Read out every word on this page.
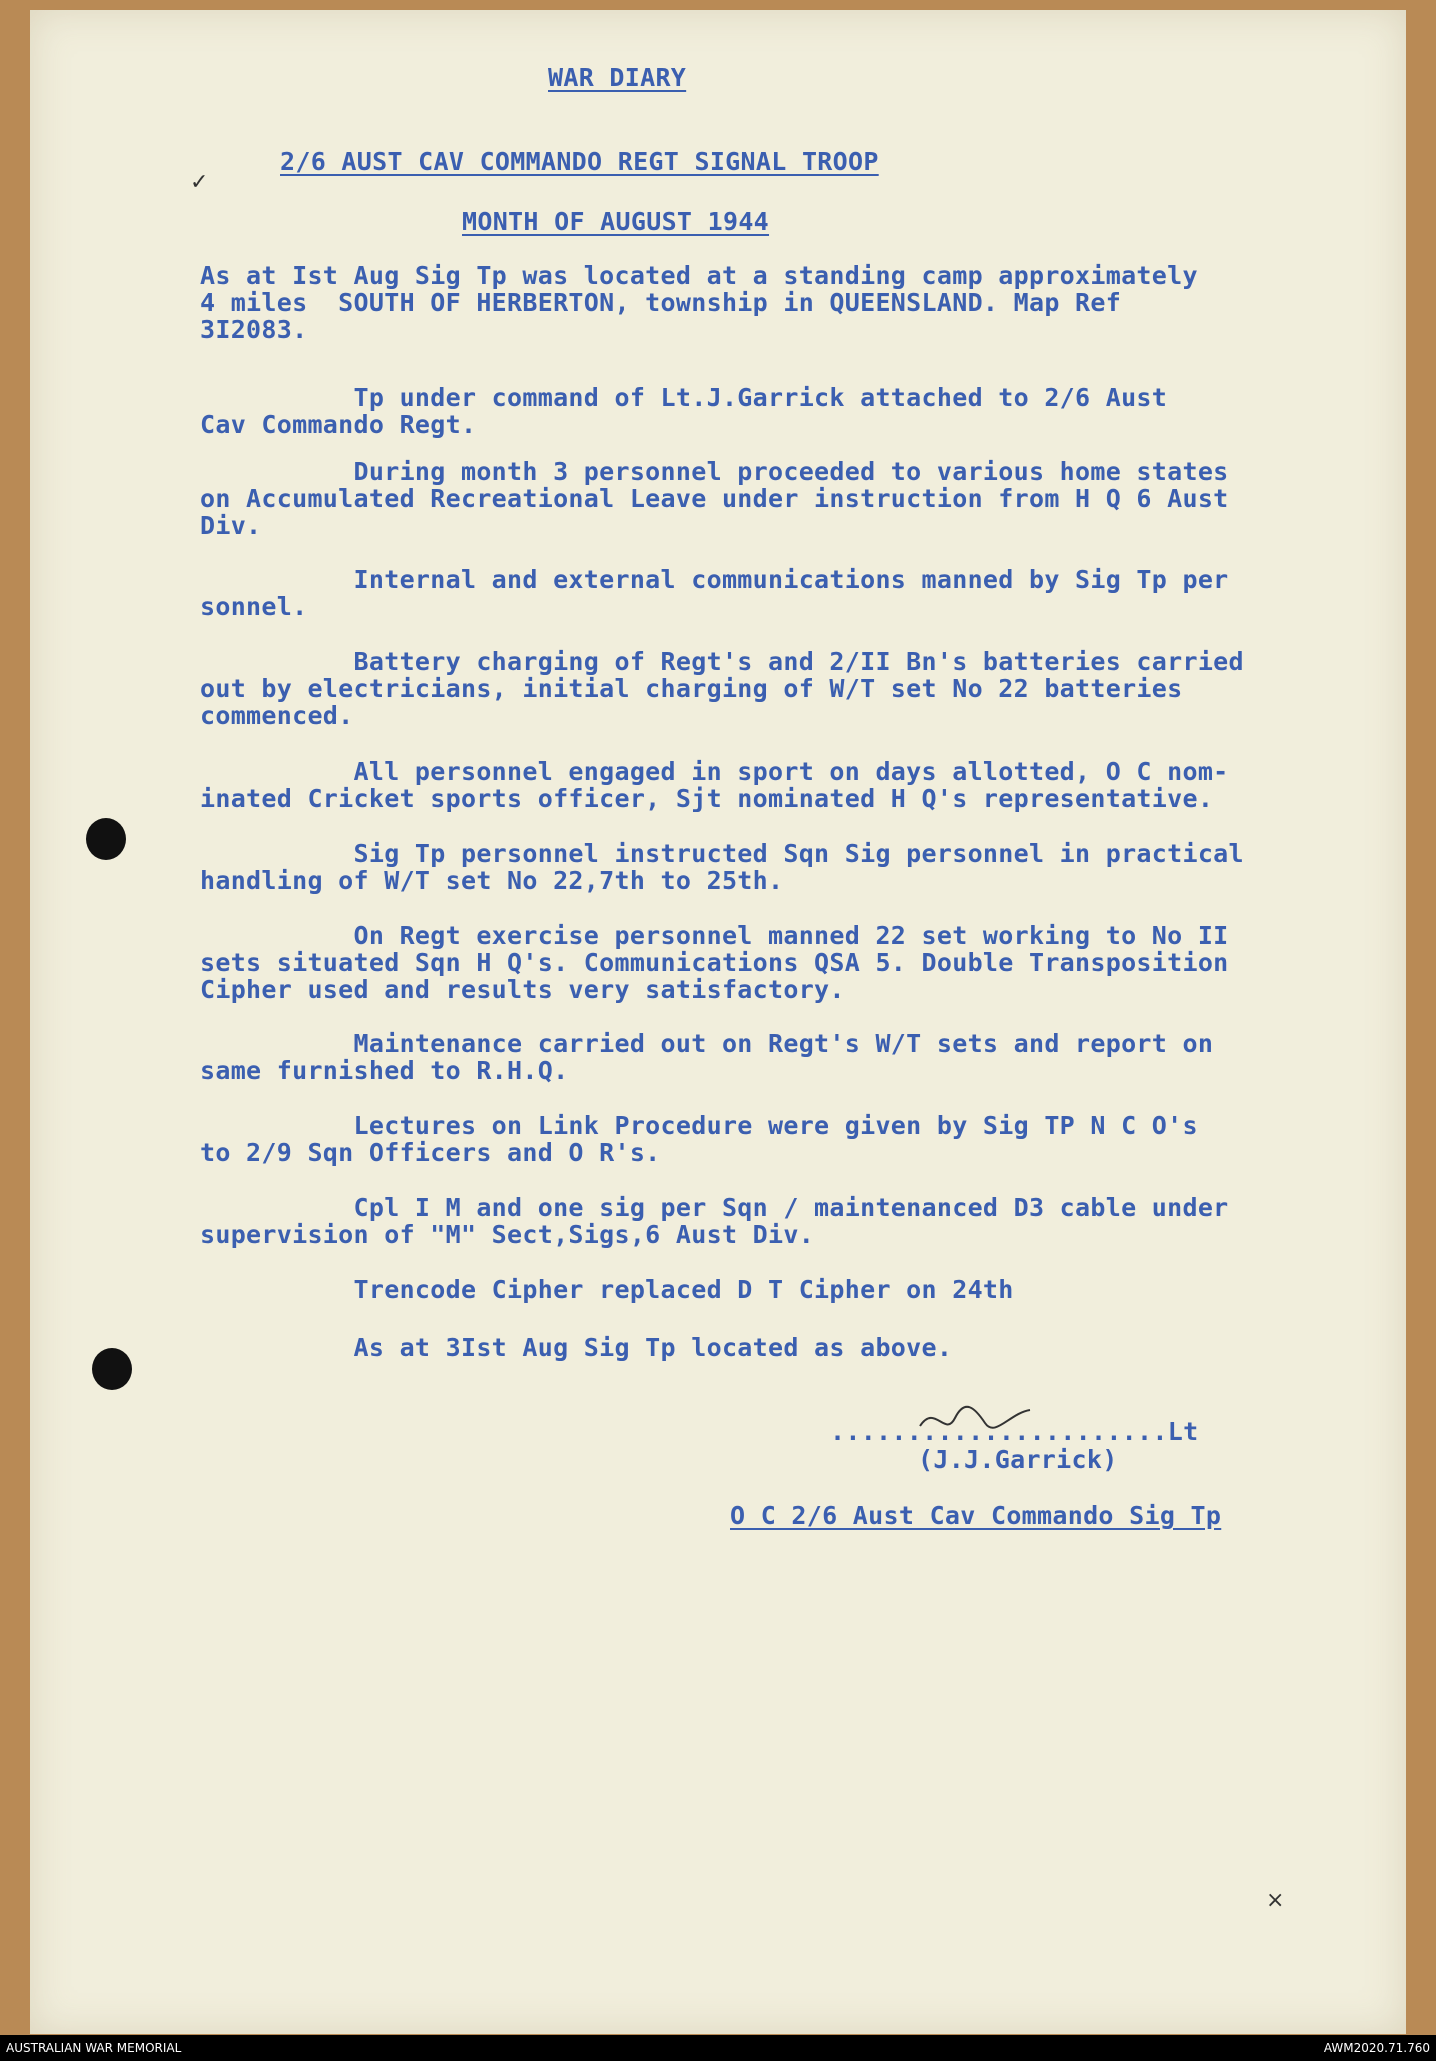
✓
×
WAR DIARY
2/6 AUST CAV COMMANDO REGT SIGNAL TROOP
MONTH OF AUGUST 1944
As at Ist Aug Sig Tp was located at a standing camp approximately
4 miles  SOUTH OF HERBERTON, township in QUEENSLAND. Map Ref
3I2083.
Tp under command of Lt.J.Garrick attached to 2/6 Aust
Cav Commando Regt.
During month 3 personnel proceeded to various home states
on Accumulated Recreational Leave under instruction from H Q 6 Aust
Div.
Internal and external communications manned by Sig Tp per
sonnel.
Battery charging of Regt's and 2/II Bn's batteries carried
out by electricians, initial charging of W/T set No 22 batteries
commenced.
All personnel engaged in sport on days allotted, O C nom-
inated Cricket sports officer, Sjt nominated H Q's representative.
Sig Tp personnel instructed Sqn Sig personnel in practical
handling of W/T set No 22,7th to 25th.
On Regt exercise personnel manned 22 set working to No II
sets situated Sqn H Q's. Communications QSA 5. Double Transposition
Cipher used and results very satisfactory.
Maintenance carried out on Regt's W/T sets and report on
same furnished to R.H.Q.
Lectures on Link Procedure were given by Sig TP N C O's
to 2/9 Sqn Officers and O R's.
Cpl I M and one sig per Sqn / maintenanced D3 cable under
supervision of "M" Sect,Sigs,6 Aust Div.
Trencode Cipher replaced D T Cipher on 24th
As at 3Ist Aug Sig Tp located as above.
......................Lt
(J.J.Garrick)
O C 2/6 Aust Cav Commando Sig Tp
AUSTRALIAN WAR MEMORIAL	AWM2020.71.760
